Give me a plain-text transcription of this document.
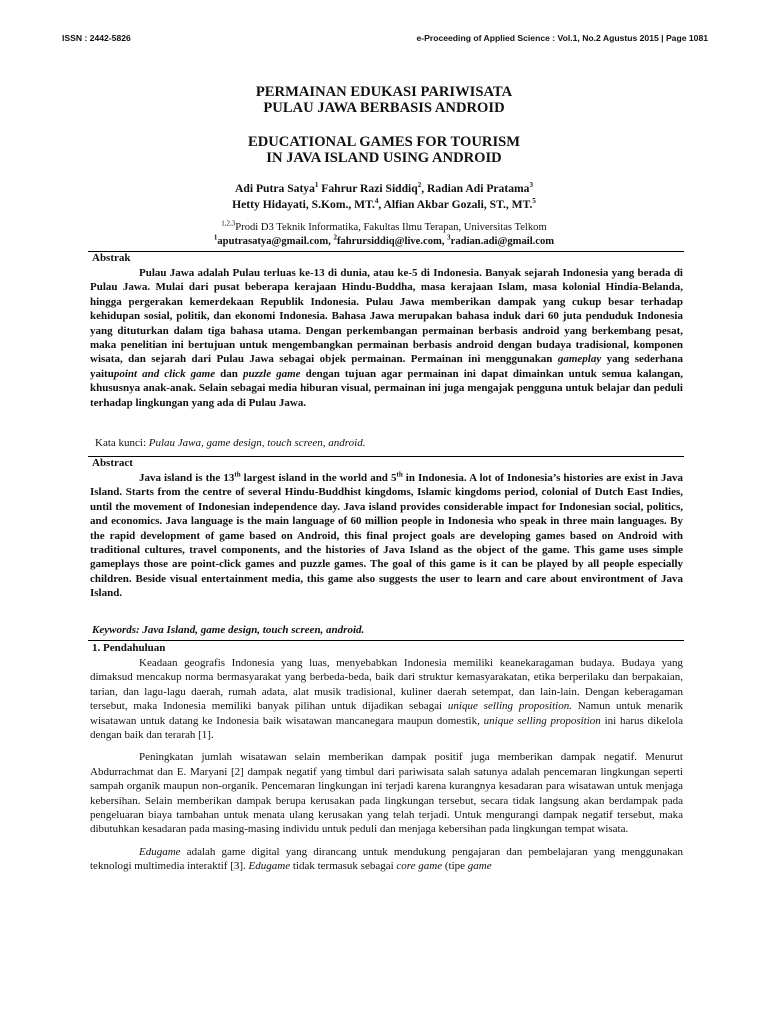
ISSN : 2442-5826	e-Proceeding of Applied Science : Vol.1, No.2 Agustus 2015 | Page 1081
PERMAINAN EDUKASI PARIWISATA
PULAU JAWA BERBASIS ANDROID
EDUCATIONAL GAMES FOR TOURISM
IN JAVA ISLAND USING ANDROID
Adi Putra Satya$^1$ Fahrur Razi Siddiq$^2$, Radian Adi Pratama$^3$
Hetty Hidayati, S.Kom., MT.$^4$, Alfian Akbar Gozali, ST., MT.$^5$
$^{1,2,3}$Prodi D3 Teknik Informatika, Fakultas Ilmu Terapan, Universitas Telkom
$^1$aputrasatya@gmail.com, $^2$fahrursiddiq@live.com, $^3$radian.adi@gmail.com
Abstrak

Pulau Jawa adalah Pulau terluas ke-13 di dunia, atau ke-5 di Indonesia. Banyak sejarah Indonesia yang berada di Pulau Jawa. Mulai dari pusat beberapa kerajaan Hindu-Buddha, masa kerajaan Islam, masa kolonial Hindia-Belanda, hingga pergerakan kemerdekaan Republik Indonesia. Pulau Jawa memberikan dampak yang cukup besar terhadap kehidupan sosial, politik, dan ekonomi Indonesia. Bahasa Jawa merupakan bahasa induk dari 60 juta penduduk Indonesia yang dituturkan dalam tiga bahasa utama. Dengan perkembangan permainan berbasis android yang berkembang pesat, maka penelitian ini bertujuan untuk mengembangkan permainan berbasis android dengan budaya tradisional, komponen wisata, dan sejarah dari Pulau Jawa sebagai objek permainan. Permainan ini menggunakan gameplay yang sederhana yaitupoint and click game dan puzzle game dengan tujuan agar permainan ini dapat dimainkan untuk semua kalangan, khususnya anak-anak. Selain sebagai media hiburan visual, permainan ini juga mengajak pengguna untuk belajar dan peduli terhadap lingkungan yang ada di Pulau Jawa.

Kata kunci: Pulau Jawa, game design, touch screen, android.
Abstract

Java island is the 13th largest island in the world and 5th in Indonesia. A lot of Indonesia’s histories are exist in Java Island. Starts from the centre of several Hindu-Buddhist kingdoms, Islamic kingdoms period, colonial of Dutch East Indies, until the movement of Indonesian independence day. Java island provides considerable impact for Indonesian social, politics, and economics. Java language is the main language of 60 million people in Indonesia who speak in three main languages. By the rapid development of game based on Android, this final project goals are developing games based on Android with traditional cultures, travel components, and the histories of Java Island as the object of the game. This game uses simple gameplays those are point-click games and puzzle games. The goal of this game is it can be played by all people especially children. Beside visual entertainment media, this game also suggests the user to learn and care about environtment of Java Island.

Keywords: Java Island, game design, touch screen, android.
1. Pendahuluan

Keadaan geografis Indonesia yang luas, menyebabkan Indonesia memiliki keanekaragaman budaya. Budaya yang dimaksud mencakup norma bermasyarakat yang berbeda-beda, baik dari struktur kemasyarakatan, etika berperilaku dan berpakaian, tarian, dan lagu-lagu daerah, rumah adata, alat musik tradisional, kuliner daerah setempat, dan lain-lain. Dengan keberagaman tersebut, maka Indonesia memiliki banyak pilihan untuk dijadikan sebagai unique selling proposition. Namun untuk menarik wisatawan untuk datang ke Indonesia baik wisatawan mancanegara maupun domestik, unique selling proposition ini harus dikelola dengan baik dan terarah [1].

Peningkatan jumlah wisatawan selain memberikan dampak positif juga memberikan dampak negatif. Menurut Abdurrachmat dan E. Maryani [2] dampak negatif yang timbul dari pariwisata salah satunya adalah pencemaran lingkungan seperti sampah organik maupun non-organik. Pencemaran lingkungan ini terjadi karena kurangnya kesadaran para wisatawan untuk menjaga kebersihan. Selain memberikan dampak berupa kerusakan pada lingkungan tersebut, secara tidak langsung akan berdampak pada pengeluaran biaya tambahan untuk menata ulang kerusakan yang telah terjadi. Untuk mengurangi dampak negatif tersebut, maka dibutuhkan kesadaran pada masing-masing individu untuk peduli dan menjaga kebersihan pada lingkungan tempat wisata.

Edugame adalah game digital yang dirancang untuk mendukung pengajaran dan pembelajaran yang menggunakan teknologi multimedia interaktif [3]. Edugame tidak termasuk sebagai core game (tipe game
